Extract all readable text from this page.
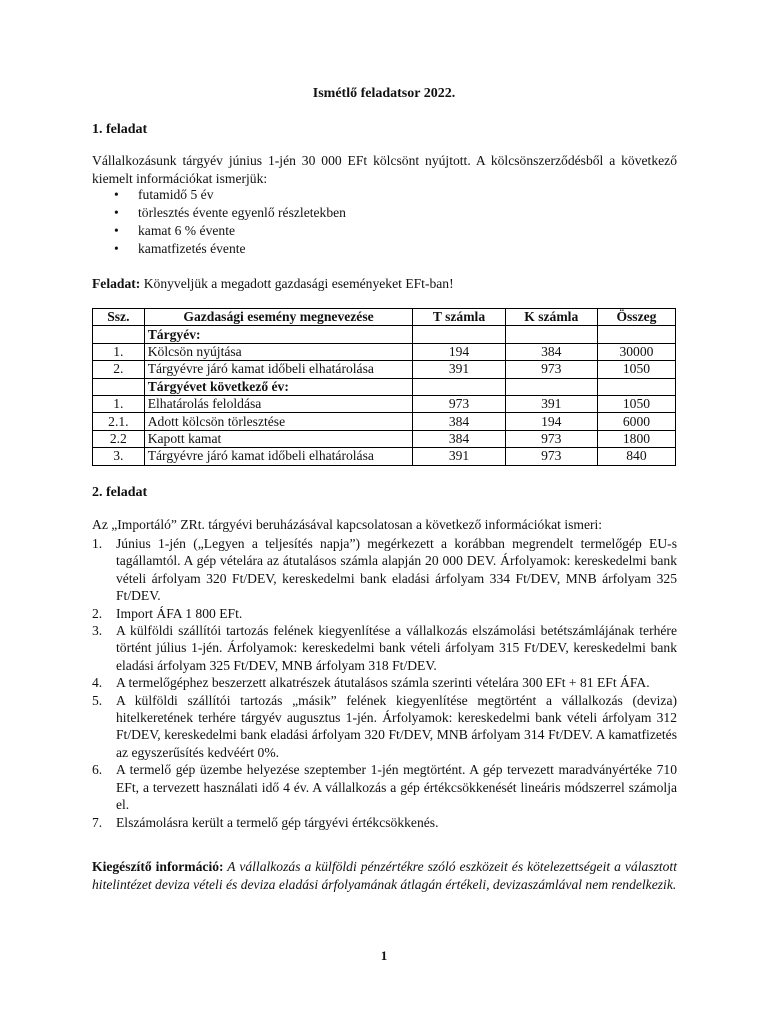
Ismétlő feladatsor 2022.
1. feladat
Vállalkozásunk tárgyév június 1-jén 30 000 EFt kölcsönt nyújtott. A kölcsönszerződésből a következő kiemelt információkat ismerjük:
• futamidő 5 év
• törlesztés évente egyenlő részletekben
• kamat 6 % évente
• kamatfizetés évente
Feladat: Könyveljük a megadott gazdasági eseményeket EFt-ban!
Ssz.	Gazdasági esemény megnevezése	T számla	K számla	Összeg
	Tárgyév:			
1.	Kölcsön nyújtása	194	384	30000
2.	Tárgyévre járó kamat időbeli elhatárolása	391	973	1050
	Tárgyévet következő év:			
1.	Elhatárolás feloldása	973	391	1050
2.1.	Adott kölcsön törlesztése	384	194	6000
2.2	Kapott kamat	384	973	1800
3.	Tárgyévre járó kamat időbeli elhatárolása	391	973	840
2. feladat
Az „Importáló” ZRt. tárgyévi beruházásával kapcsolatosan a következő információkat ismeri:
1. Június 1-jén („Legyen a teljesítés napja”) megérkezett a korábban megrendelt termelőgép EU-s tagállamtól. A gép vételára az átutalásos számla alapján 20 000 DEV. Árfolyamok: kereskedelmi bank vételi árfolyam 320 Ft/DEV, kereskedelmi bank eladási árfolyam 334 Ft/DEV, MNB árfolyam 325 Ft/DEV.
2. Import ÁFA 1 800 EFt.
3. A külföldi szállítói tartozás felének kiegyenlítése a vállalkozás elszámolási betétszámlájának terhére történt július 1-jén. Árfolyamok: kereskedelmi bank vételi árfolyam 315 Ft/DEV, kereskedelmi bank eladási árfolyam 325 Ft/DEV, MNB árfolyam 318 Ft/DEV.
4. A termelőgéphez beszerzett alkatrészek átutalásos számla szerinti vételára 300 EFt + 81 EFt ÁFA.
5. A külföldi szállítói tartozás „másik” felének kiegyenlítése megtörtént a vállalkozás (deviza) hitelkeretének terhére tárgyév augusztus 1-jén. Árfolyamok: kereskedelmi bank vételi árfolyam 312 Ft/DEV, kereskedelmi bank eladási árfolyam 320 Ft/DEV, MNB árfolyam 314 Ft/DEV. A kamatfizetés az egyszerűsítés kedvéért 0%.
6. A termelő gép üzembe helyezése szeptember 1-jén megtörtént. A gép tervezett maradványértéke 710 EFt, a tervezett használati idő 4 év. A vállalkozás a gép értékcsökkenését lineáris módszerrel számolja el.
7. Elszámolásra került a termelő gép tárgyévi értékcsökkenés.
Kiegészítő információ: A vállalkozás a külföldi pénzértékre szóló eszközeit és kötelezettségeit a választott hitelintézet deviza vételi és deviza eladási árfolyamának átlagán értékeli, devizaszámlával nem rendelkezik.
1
